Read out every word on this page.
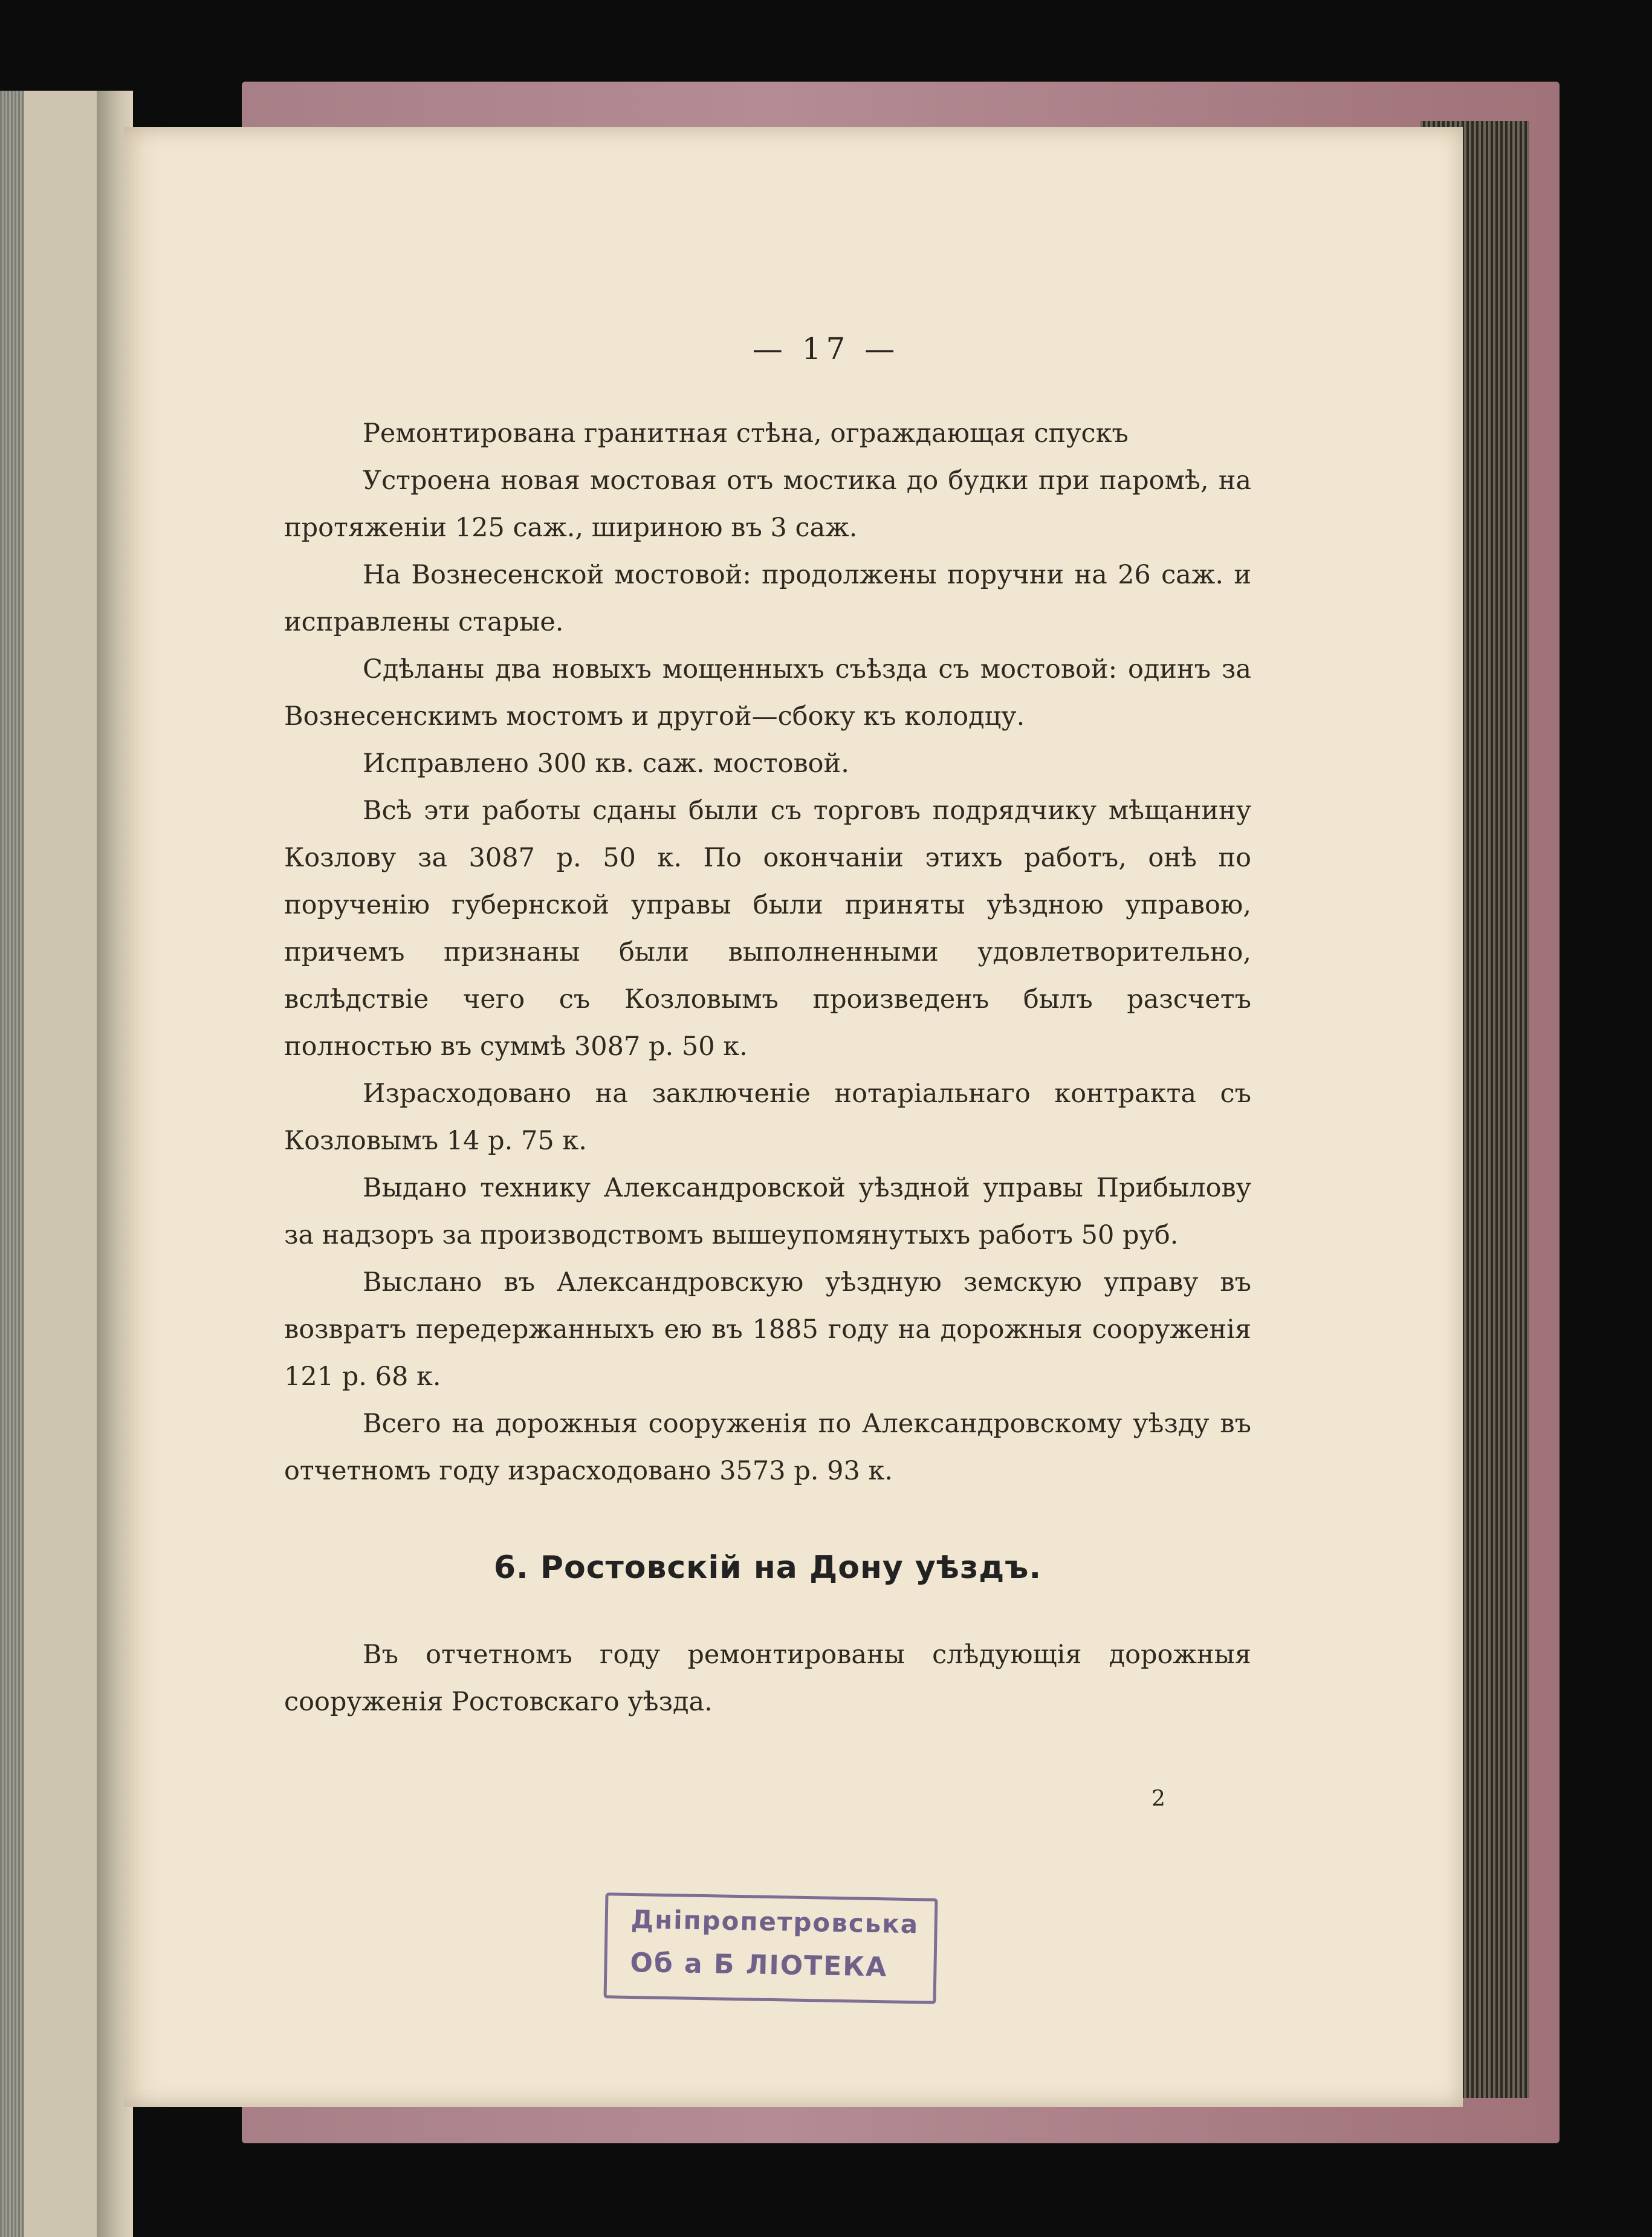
— 17 —

Ремонтирована гранитная стѣна, ограждающая спускъ

Устроена новая мостовая отъ мостика до будки при паромѣ, на протяженіи 125 саж., шириною въ 3 саж.

На Вознесенской мостовой: продолжены поручни на 26 саж. и исправлены старые.

Сдѣланы два новыхъ мощенныхъ съѣзда съ мостовой: одинъ за Вознесенскимъ мостомъ и другой—сбоку къ колодцу.

Исправлено 300 кв. саж. мостовой.

Всѣ эти работы сданы были съ торговъ подрядчику мѣщанину Козлову за 3087 р. 50 к. По окончаніи этихъ работъ, онѣ по порученію губернской управы были приняты уѣздною управою, причемъ признаны были выполненными удовлетворительно, вслѣдствіе чего съ Козловымъ произведенъ былъ разсчетъ полностью въ суммѣ 3087 р. 50 к.

Израсходовано на заключеніе нотаріальнаго контракта съ Козловымъ 14 р. 75 к.

Выдано технику Александровской уѣздной управы Прибылову за надзоръ за производствомъ вышеупомянутыхъ работъ 50 руб.

Выслано въ Александровскую уѣздную земскую управу въ возвратъ передержанныхъ ею въ 1885 году на дорожныя сооруженія 121 р. 68 к.

Всего на дорожныя сооруженія по Александровскому уѣзду въ отчетномъ году израсходовано 3573 р. 93 к.

6. Ростовскій на Дону уѣздъ.

Въ отчетномъ году ремонтированы слѣдующія дорожныя сооруженія Ростовскаго уѣзда.

2
Днiпропетровська
Об а Б ЛIОТЕКА
